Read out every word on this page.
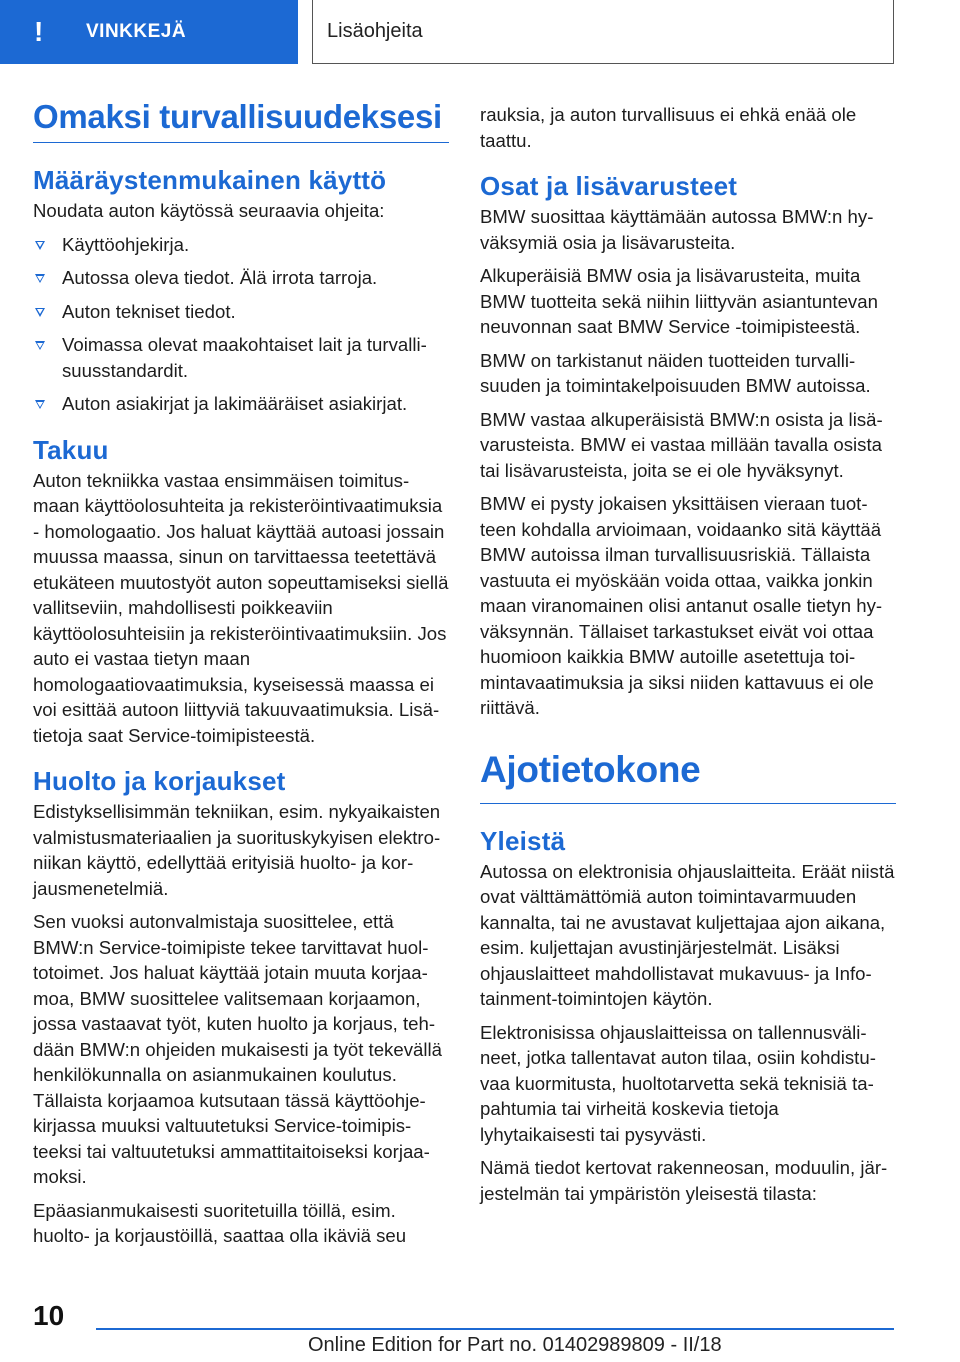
!	VINKKEJÄ	Lisäohjeita
Omaksi turvallisuudeksesi
Määräystenmukainen käyttö

Noudata auton käytössä seuraavia ohjeita:

Käyttöohjekirja.
Autossa oleva tiedot. Älä irrota tarroja.
Auton tekniset tiedot.
Voimassa olevat maakohtaiset lait ja turvallisuusstandardit.
Auton asiakirjat ja lakimääräiset asiakirjat.
Takuu

Auton tekniikka vastaa ensimmäisen toimitusmaan käyttöolosuhteita ja rekisteröintivaatimuksia - homologaatio. Jos haluat käyttää autoasi jossain muussa maassa, sinun on tarvittaessa teetettävä etukäteen muutostyöt auton sopeuttamiseksi siellä vallitseviin, mahdollisesti poikkeaviin käyttöolosuhteisiin ja rekisteröintivaatimuksiin. Jos auto ei vastaa tietyn maan homologaatiovaatimuksia, kyseisessä maassa ei voi esittää autoon liittyviä takuuvaatimuksia. Lisätietoja saat Service-toimipisteestä.

Huolto ja korjaukset

Edistyksellisimmän tekniikan, esim. nykyaikaisten valmistusmateriaalien ja suorituskykyisen elektroniikan käyttö, edellyttää erityisiä huolto- ja korjausmenetelmiä.

Sen vuoksi autonvalmistaja suosittelee, että BMW:n Service-toimipiste tekee tarvittavat huoltotoimet. Jos haluat käyttää jotain muuta korjaamoa, BMW suosittelee valitsemaan korjaamon, jossa vastaavat työt, kuten huolto ja korjaus, tehdään BMW:n ohjeiden mukaisesti ja työt tekevällä henkilökunnalla on asianmukainen koulutus. Tällaista korjaamoa kutsutaan tässä käyttöohjekirjassa muuksi valtuutetuksi Service-toimipisteeksi tai valtuutetuksi ammattitaitoiseksi korjaamoksi.

Epäasianmukaisesti suoritetuilla töillä, esim. huolto- ja korjaustöillä, saattaa olla ikäviä seu

rauksia, ja auton turvallisuus ei ehkä enää ole taattu.

Osat ja lisävarusteet

BMW suosittaa käyttämään autossa BMW:n hyväksymiä osia ja lisävarusteita.

Alkuperäisiä BMW osia ja lisävarusteita, muita BMW tuotteita sekä niihin liittyvän asiantuntevan neuvonnan saat BMW Service -toimipisteestä.

BMW on tarkistanut näiden tuotteiden turvallisuuden ja toimintakelpoisuuden BMW autoissa.

BMW vastaa alkuperäisistä BMW:n osista ja lisävarusteista. BMW ei vastaa millään tavalla osista tai lisävarusteista, joita se ei ole hyväksynyt.

BMW ei pysty jokaisen yksittäisen vieraan tuotteen kohdalla arvioimaan, voidaanko sitä käyttää BMW autoissa ilman turvallisuusriskiä. Tällaista vastuuta ei myöskään voida ottaa, vaikka jonkin maan viranomainen olisi antanut osalle tietyn hyväksynnän. Tällaiset tarkastukset eivät voi ottaa huomioon kaikkia BMW autoille asetettuja toimintavaatimuksia ja siksi niiden kattavuus ei ole riittävä.

Ajotietokone
Yleistä

Autossa on elektronisia ohjauslaitteita. Eräät niistä ovat välttämättömiä auton toimintavarmuuden kannalta, tai ne avustavat kuljettajaa ajon aikana, esim. kuljettajan avustinjärjestelmät. Lisäksi ohjauslaitteet mahdollistavat mukavuus- ja Infotainment-toimintojen käytön.

Elektronisissa ohjauslaitteissa on tallennusvälineet, jotka tallentavat auton tilaa, osiin kohdistuvaa kuormitusta, huoltotarvetta sekä teknisiä tapahtumia tai virheitä koskevia tietoja lyhytaikaisesti tai pysyvästi.

Nämä tiedot kertovat rakenneosan, moduulin, järjestelmän tai ympäristön yleisestä tilasta:

10
Online Edition for Part no. 01402989809 - II/18
